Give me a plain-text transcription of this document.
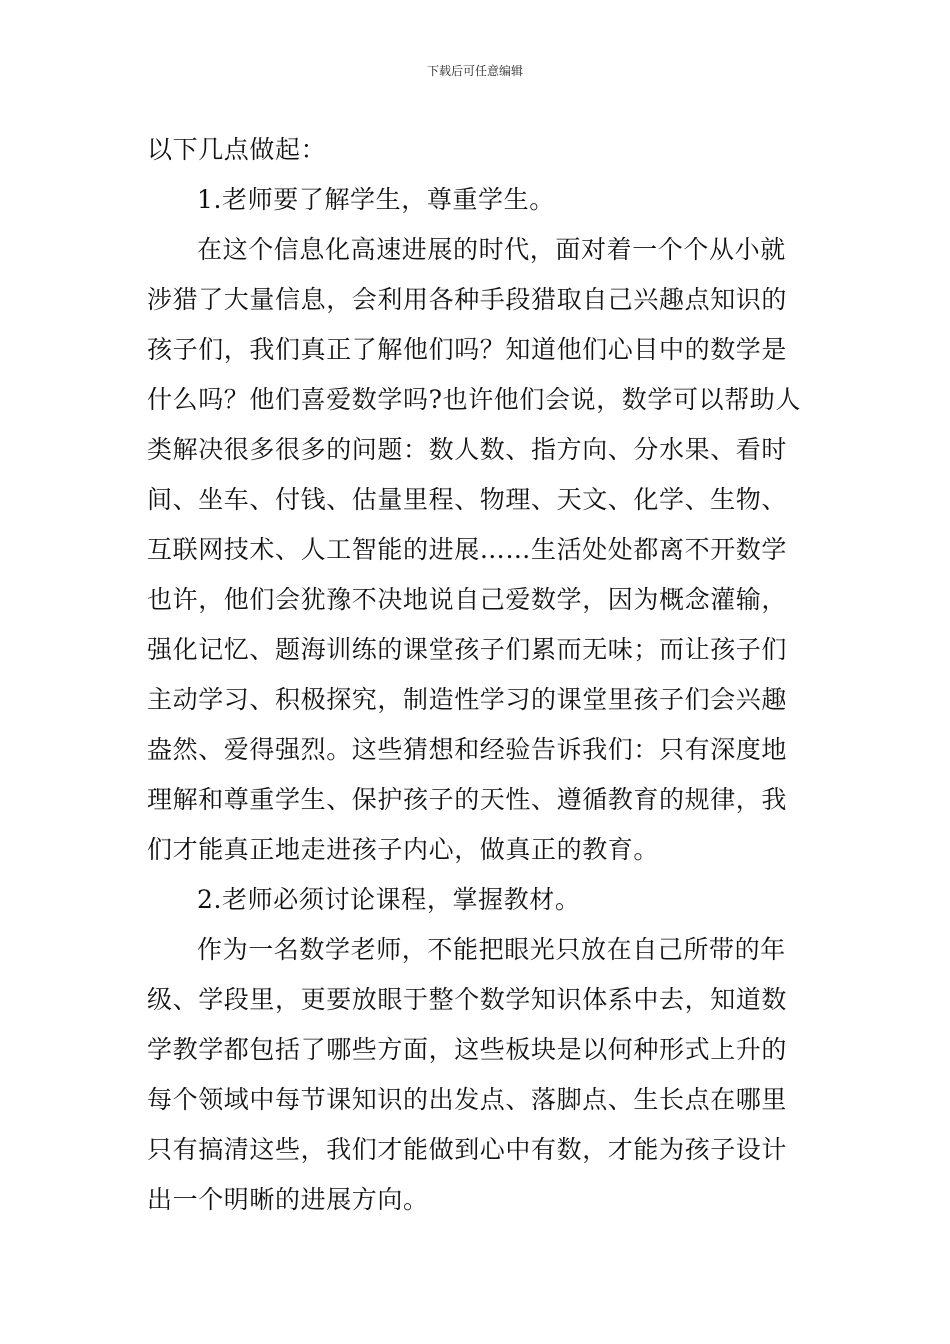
下载后可任意编辑
以下几点做起：
1.老师要了解学生，尊重学生。
在这个信息化高速进展的时代，面对着一个个从小就
涉猎了大量信息，会利用各种手段猎取自己兴趣点知识的
孩子们，我们真正了解他们吗？知道他们心目中的数学是
什么吗？他们喜爱数学吗?也许他们会说，数学可以帮助人
类解决很多很多的问题：数人数、指方向、分水果、看时
间、坐车、付钱、估量里程、物理、天文、化学、生物、
互联网技术、人工智能的进展……生活处处都离不开数学
也许，他们会犹豫不决地说自己爱数学，因为概念灌输，
强化记忆、题海训练的课堂孩子们累而无味；而让孩子们
主动学习、积极探究，制造性学习的课堂里孩子们会兴趣
盎然、爱得强烈。这些猜想和经验告诉我们：只有深度地
理解和尊重学生、保护孩子的天性、遵循教育的规律，我
们才能真正地走进孩子内心，做真正的教育。
2.老师必须讨论课程，掌握教材。
作为一名数学老师，不能把眼光只放在自己所带的年
级、学段里，更要放眼于整个数学知识体系中去，知道数
学教学都包括了哪些方面，这些板块是以何种形式上升的
每个领域中每节课知识的出发点、落脚点、生长点在哪里
只有搞清这些，我们才能做到心中有数，才能为孩子设计
出一个明晰的进展方向。
